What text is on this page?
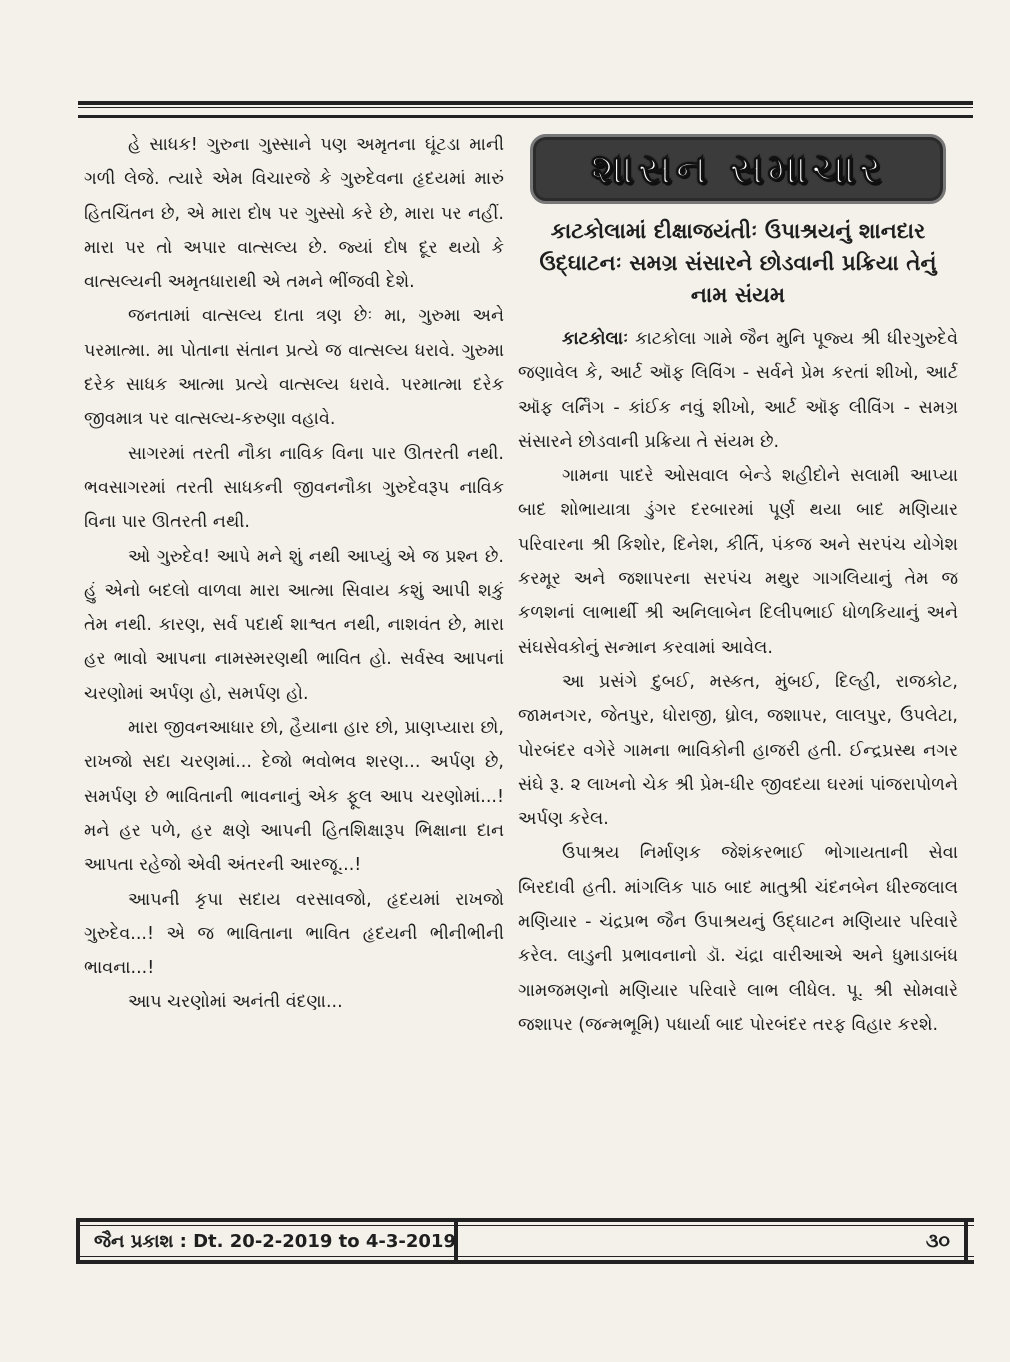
હે સાધક! ગુરુના ગુસ્સાને પણ અમૃતના ઘૂંટડા માની ગળી લેજે. ત્યારે એમ વિચારજે કે ગુરુદેવના હૃદયમાં મારું હિતચિંતન છે, એ મારા દોષ પર ગુસ્સો કરે છે, મારા પર નહીં. મારા પર તો અપાર વાત્સલ્ય છે. જ્યાં દોષ દૂર થયો કે વાત્સલ્યની અમૃતધારાથી એ તમને ભીંજવી દેશે.

જનતામાં વાત્સલ્ય દાતા ત્રણ છેઃ મા, ગુરુમા અને પરમાત્મા. મા પોતાના સંતાન પ્રત્યે જ વાત્સલ્ય ધરાવે. ગુરુમા દરેક સાધક આત્મા પ્રત્યે વાત્સલ્ય ધરાવે. પરમાત્મા દરેક જીવમાત્ર પર વાત્સલ્ય-કરુણા વહાવે.

સાગરમાં તરતી નૌકા નાવિક વિના પાર ઊતરતી નથી. ભવસાગરમાં તરતી સાધકની જીવનનૌકા ગુરુદેવરૂપ નાવિક વિના પાર ઊતરતી નથી.

ઓ ગુરુદેવ! આપે મને શું નથી આપ્યું એ જ પ્રશ્ન છે. હું એનો બદલો વાળવા મારા આત્મા સિવાય કશું આપી શકું તેમ નથી. કારણ, સર્વ પદાર્થ શાશ્વત નથી, નાશવંત છે, મારા હર ભાવો આપના નામસ્મરણથી ભાવિત હો. સર્વસ્વ આપનાં ચરણોમાં અર્પણ હો, સમર્પણ હો.

મારા જીવનઆધાર છો, હૈયાના હાર છો, પ્રાણપ્યારા છો, રાખજો સદા ચરણમાં... દેજો ભવોભવ શરણ... અર્પણ છે, સમર્પણ છે ભાવિતાની ભાવનાનું એક ફૂલ આપ ચરણોમાં...! મને હર પળે, હર ક્ષણે આપની હિતશિક્ષારૂપ ભિક્ષાના દાન આપતા રહેજો એવી અંતરની આરજૂ...!

આપની કૃપા સદાય વરસાવજો, હૃદયમાં રાખજો ગુરુદેવ...! એ જ ભાવિતાના ભાવિત હૃદયની ભીનીભીની ભાવના...!

આપ ચરણોમાં અનંતી વંદણા...

શાસન સમાચાર
કાટકોલામાં દીક્ષાજયંતીઃ ઉપાશ્રયનું શાનદાર ઉદ્ઘાટનઃ સમગ્ર સંસારને છોડવાની પ્રક્રિયા તેનું નામ સંયમ

કાટકોલાઃ કાટકોલા ગામે જૈન મુનિ પૂજ્ય શ્રી ધીરગુરુદેવે જણાવેલ કે, આર્ટ ઑફ લિવિંગ - સર્વને પ્રેમ કરતાં શીખો, આર્ટ ઑફ લર્નિંગ - કાંઈક નવું શીખો, આર્ટ ઑફ લીવિંગ - સમગ્ર સંસારને છોડવાની પ્રક્રિયા તે સંયમ છે.

ગામના પાદરે ઓસવાલ બેન્ડે શહીદોને સલામી આપ્યા બાદ શોભાયાત્રા ડુંગર દરબારમાં પૂર્ણ થયા બાદ મણિયાર પરિવારના શ્રી કિશોર, દિનેશ, કીર્તિ, પંકજ અને સરપંચ યોગેશ કરમૂર અને જશાપરના સરપંચ મથુર ગાગલિયાનું તેમ જ કળશનાં લાભાર્થી શ્રી અનિલાબેન દિલીપભાઈ ધોળકિયાનું અને સંઘસેવકોનું સન્માન કરવામાં આવેલ.

આ પ્રસંગે દુબઈ, મસ્કત, મુંબઈ, દિલ્હી, રાજકોટ, જામનગર, જેતપુર, ધોરાજી, ધ્રોલ, જશાપર, લાલપુર, ઉપલેટા, પોરબંદર વગેરે ગામના ભાવિકોની હાજરી હતી. ઈન્દ્રપ્રસ્થ નગર સંઘે રૂ. ૨ લાખનો ચેક શ્રી પ્રેમ-ધીર જીવદયા ઘરમાં પાંજરાપોળને અર્પણ કરેલ.

ઉપાશ્રય નિર્માણક જેશંકરભાઈ ભોગાયતાની સેવા બિરદાવી હતી. માંગલિક પાઠ બાદ માતુશ્રી ચંદનબેન ધીરજલાલ મણિયાર - ચંદ્રપ્રભ જૈન ઉપાશ્રયનું ઉદ્ઘાટન મણિયાર પરિવારે કરેલ. લાડુની પ્રભાવનાનો ડૉ. ચંદ્રા વારીઆએ અને ધુમાડાબંધ ગામજમણનો મણિયાર પરિવારે લાભ લીધેલ. પૂ. શ્રી સોમવારે જશાપર (જન્મભૂમિ) પધાર્યા બાદ પોરબંદર તરફ વિહાર કરશે.

જૈન પ્રકાશ : Dt. 20-2-2019 to 4-3-2019	૩૦
